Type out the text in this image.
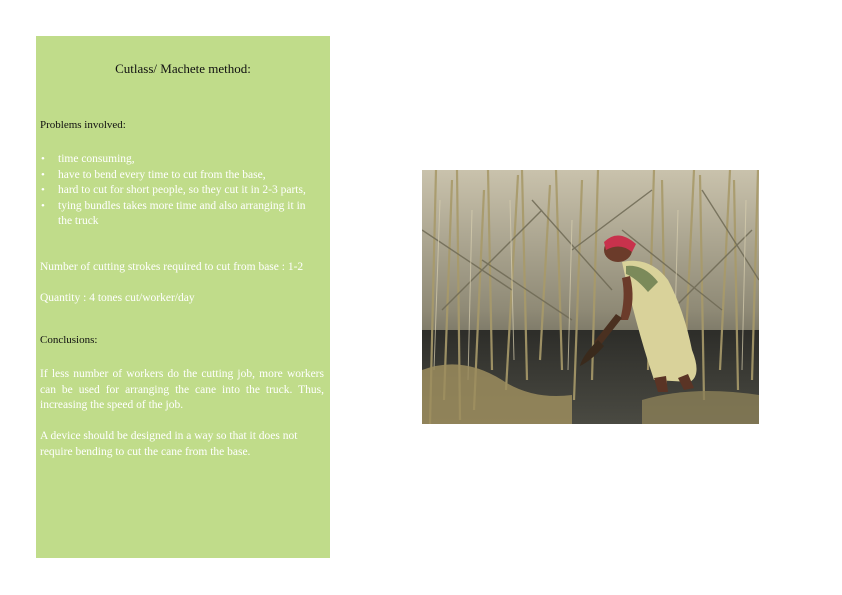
Cutlass/ Machete method:
Problems involved:
• time consuming,
• have to bend every time to cut from the base,
• hard to cut for short people, so they cut it in 2-3 parts,
• tying bundles takes more time and also arranging it in the truck
Number of cutting strokes required to cut from base : 1-2
Quantity : 4 tones cut/worker/day
Conclusions:

If less number of workers do the cutting job, more workers can be used for arranging the cane into the truck. Thus, increasing the speed of the job.

A device should be designed in a way so that it does not require bending to cut the cane from the base.
